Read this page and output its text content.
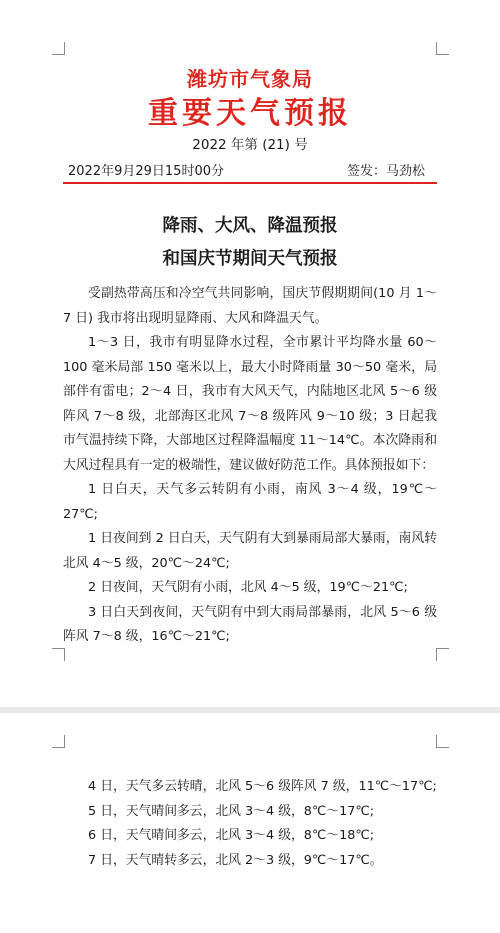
潍坊市气象局
重要天气预报
2022 年第 (21) 号
2022年9月29日15时00分	签发：马劲松
降雨、大风、降温预报
和国庆节期间天气预报

受副热带高压和冷空气共同影响，国庆节假期期间(10 月 1～7 日) 我市将出现明显降雨、大风和降温天气。

1～3 日，我市有明显降水过程，全市累计平均降水量 60～100 毫米局部 150 毫米以上，最大小时降雨量 30～50 毫米，局部伴有雷电；2～4 日，我市有大风天气，内陆地区北风 5～6 级阵风 7～8 级，北部海区北风 7～8 级阵风 9～10 级；3 日起我市气温持续下降，大部地区过程降温幅度 11～14℃。本次降雨和大风过程具有一定的极端性，建议做好防范工作。具体预报如下：

1 日白天，天气多云转阴有小雨，南风 3～4 级，19℃～27℃;

1 日夜间到 2 日白天，天气阴有大到暴雨局部大暴雨，南风转北风 4～5 级，20℃～24℃;

2 日夜间，天气阴有小雨，北风 4～5 级，19℃～21℃;

3 日白天到夜间，天气阴有中到大雨局部暴雨，北风 5～6 级阵风 7～8 级，16℃～21℃;

4 日，天气多云转晴，北风 5～6 级阵风 7 级，11℃～17℃;

5 日，天气晴间多云，北风 3～4 级，8℃～17℃;

6 日，天气晴间多云，北风 3～4 级，8℃～18℃;

7 日，天气晴转多云，北风 2～3 级，9℃～17℃。
